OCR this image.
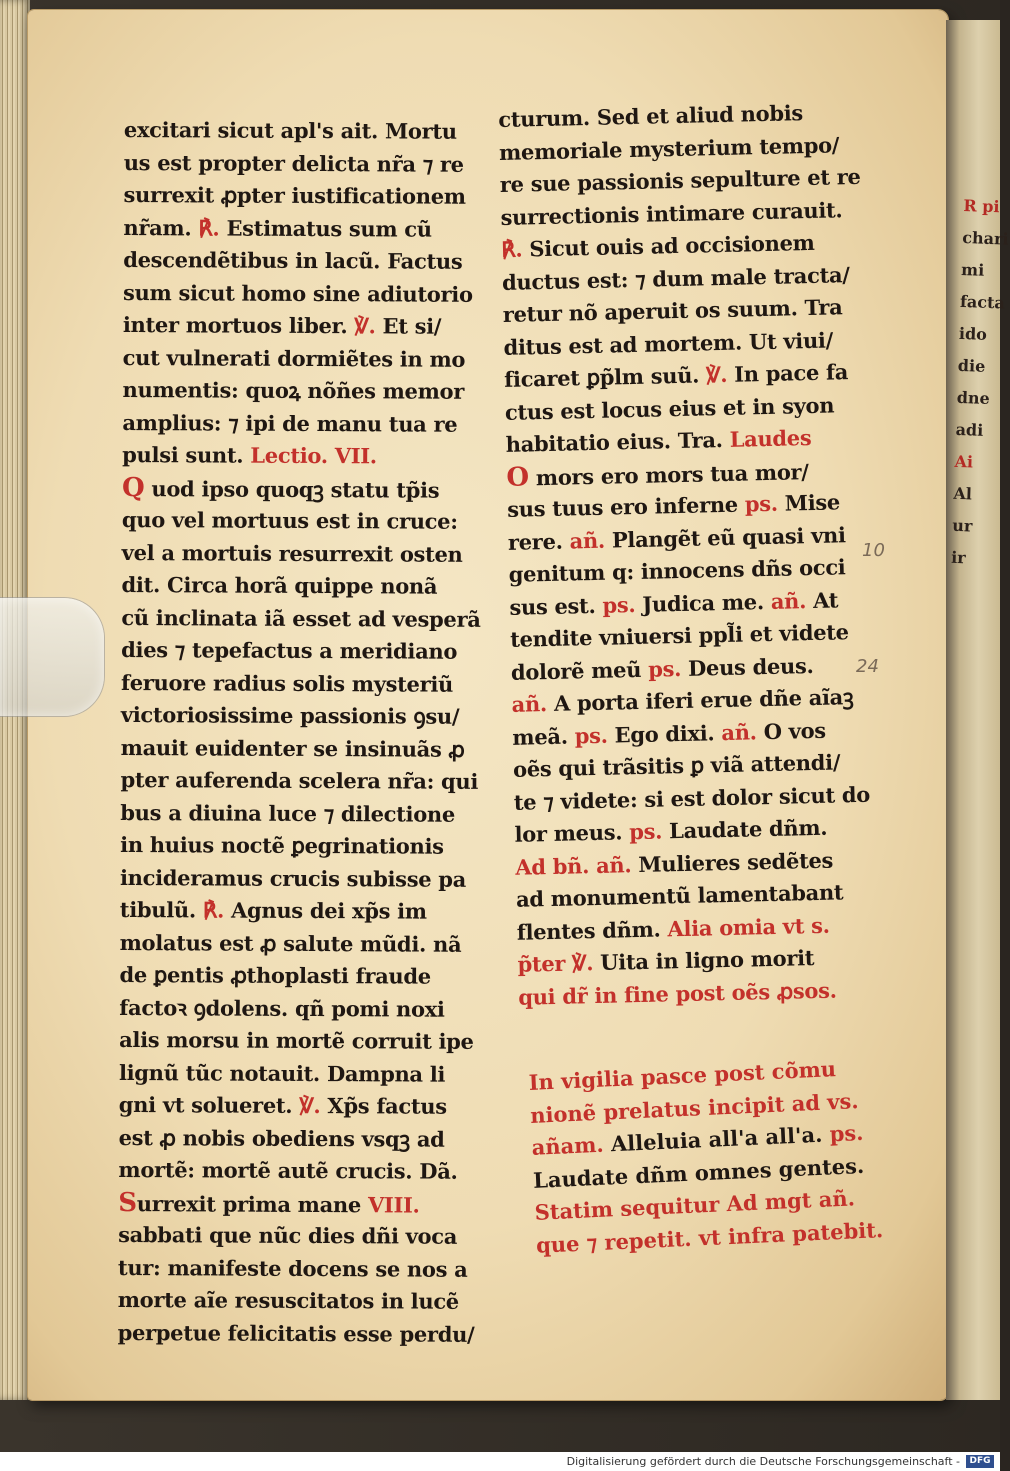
R pi
chari
mi
facta
ido
die
dne
adi
Ai
Al
ur
ir
excitari sicut apl's ait. Mortu
us est propter delicta nr̃a ⁊ re
surrexit ꝓpter iustificationem
nr̃am. ℟. Estimatus sum cũ
descendẽtibus in lacũ. Factus
sum sicut homo sine adiutorio
inter mortuos liber. ℣. Et si/
cut vulnerati dormiẽtes in mo
numentis: quoꝝ nõñes memor
amplius: ⁊ ipi de manu tua re
pulsi sunt. Lectio. VII.
Q uod ipso quoqꝫ statu tp̃is
quo vel mortuus est in cruce:
vel a mortuis resurrexit osten
dit. Circa horã quippe nonã
cũ inclinata iã esset ad vesperã
dies ⁊ tepefactus a meridiano
feruore radius solis mysteriũ
victoriosissime passionis ꝯsu/
mauit euidenter se insinuãs ꝓ
pter auferenda scelera nr̃a: qui
bus a diuina luce ⁊ dilectione
in huius noctẽ ꝑegrinationis
incideramus crucis subisse pa
tibulũ. ℟. Agnus dei xp̃s im
molatus est ꝓ salute mũdi. nã
de ꝑentis ꝓthoplasti fraude
factoꝛ ꝯdolens. qñ pomi noxi
alis morsu in mortẽ corruit ipe
lignũ tũc notauit. Dampna li
gni vt solueret. ℣. Xp̃s factus
est ꝓ nobis obediens vsqꝫ ad
mortẽ: mortẽ autẽ crucis. Dã.
Surrexit prima mane VIII.
sabbati que nũc dies dñi voca
tur: manifeste docens se nos a
morte aĩe resuscitatos in lucẽ
perpetue felicitatis esse perdu/
cturum. Sed et aliud nobis
memoriale mysterium tempo/
re sue passionis sepulture et re
surrectionis intimare curauit.
℟. Sicut ouis ad occisionem
ductus est: ⁊ dum male tracta/
retur nõ aperuit os suum. Tra
ditus est ad mortem. Ut viui/
ficaret ꝑp̃lm suũ. ℣. In pace fa
ctus est locus eius et in syon
habitatio eius. Tra. Laudes
O mors ero mors tua mor/
sus tuus ero inferne ps. Mise
rere. añ. Plangẽt eũ quasi vni
genitum q: innocens dñs occi
sus est. ps. Judica me. añ. At
tendite vniuersi ppl̃i et videte
dolorẽ meũ ps. Deus deus.
añ. A porta iferi erue dñe aĩaꝫ
meã. ps. Ego dixi. añ. O vos
oẽs qui trãsitis ꝑ viã attendi/
te ⁊ videte: si est dolor sicut do
lor meus. ps. Laudate dñm.
Ad bñ. añ. Mulieres sedẽtes
ad monumentũ lamentabant
flentes dñm. Alia omia vt s.
p̃ter ℣. Uita in ligno morit
qui dr̃ in fine post oẽs ꝓsos.
In vigilia pasce post cõmu
nionẽ prelatus incipit ad vs.
añam. Alleluia all'a all'a. ps.
Laudate dñm omnes gentes.
Statim sequitur Ad mgt añ.
que ⁊ repetit. vt infra patebit.
10
24
Digitalisierung gefördert durch die Deutsche Forschungsgemeinschaft -	DFG
